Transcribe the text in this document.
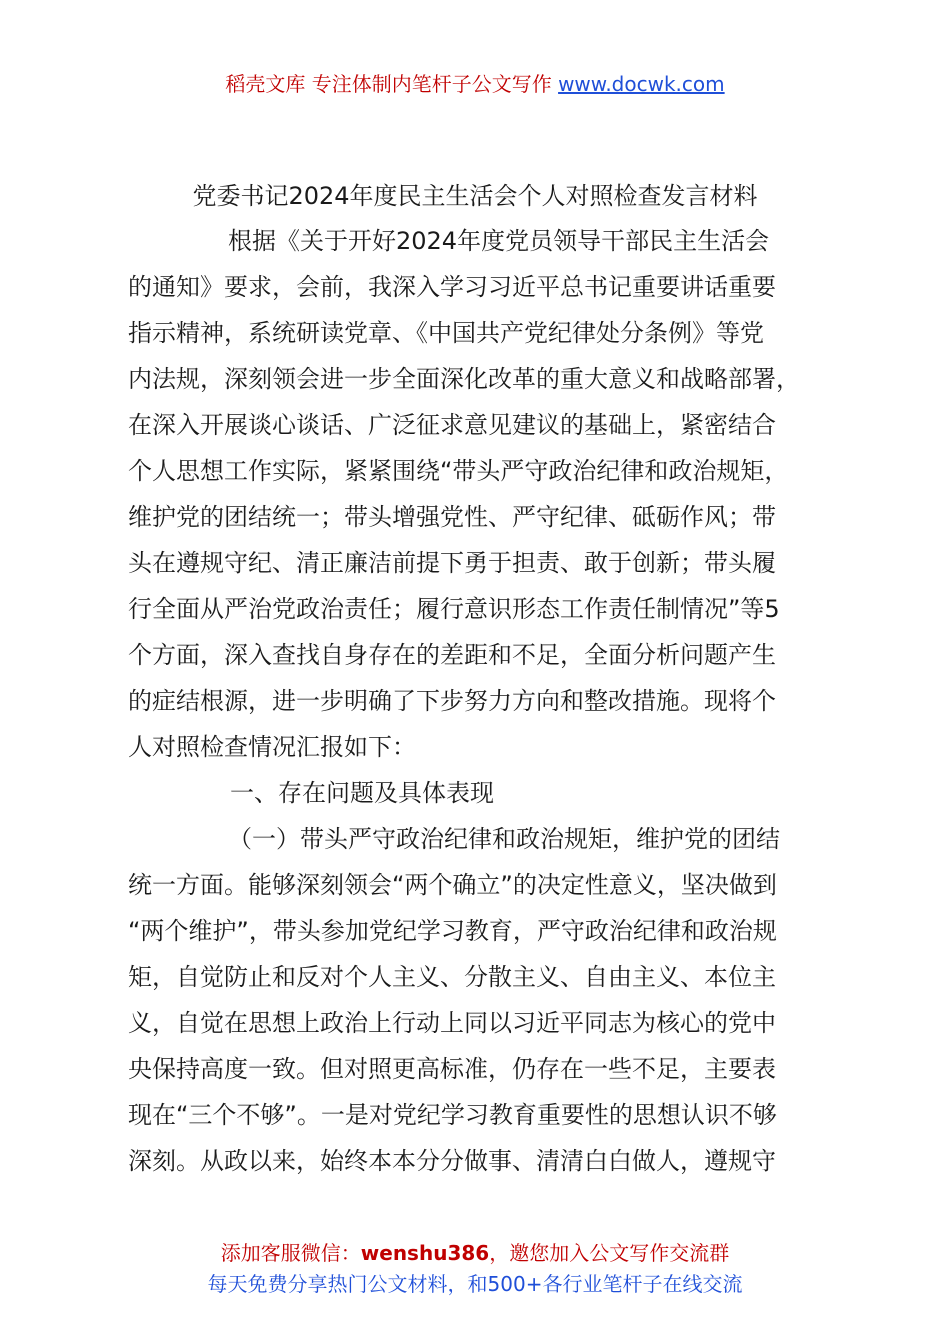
稻壳文库 专注体制内笔杆子公文写作 www.docwk.com
党委书记2024年度民主生活会个人对照检查发言材料
根据《关于开好2024年度党员领导干部民主生活会
的通知》要求，会前，我深入学习习近平总书记重要讲话重要
指示精神，系统研读党章、《中国共产党纪律处分条例》等党
内法规，深刻领会进一步全面深化改革的重大意义和战略部署，
在深入开展谈心谈话、广泛征求意见建议的基础上，紧密结合
个人思想工作实际，紧紧围绕“带头严守政治纪律和政治规矩，
维护党的团结统一；带头增强党性、严守纪律、砥砺作风；带
头在遵规守纪、清正廉洁前提下勇于担责、敢于创新；带头履
行全面从严治党政治责任；履行意识形态工作责任制情况”等5
个方面，深入查找自身存在的差距和不足，全面分析问题产生
的症结根源，进一步明确了下步努力方向和整改措施。现将个
人对照检查情况汇报如下：
一、存在问题及具体表现
（一）带头严守政治纪律和政治规矩，维护党的团结
统一方面。能够深刻领会“两个确立”的决定性意义，坚决做到
“两个维护”，带头参加党纪学习教育，严守政治纪律和政治规
矩，自觉防止和反对个人主义、分散主义、自由主义、本位主
义，自觉在思想上政治上行动上同以习近平同志为核心的党中
央保持高度一致。但对照更高标准，仍存在一些不足，主要表
现在“三个不够”。一是对党纪学习教育重要性的思想认识不够
深刻。从政以来，始终本本分分做事、清清白白做人，遵规守
添加客服微信：wenshu386，邀您加入公文写作交流群
每天免费分享热门公文材料，和500+各行业笔杆子在线交流
